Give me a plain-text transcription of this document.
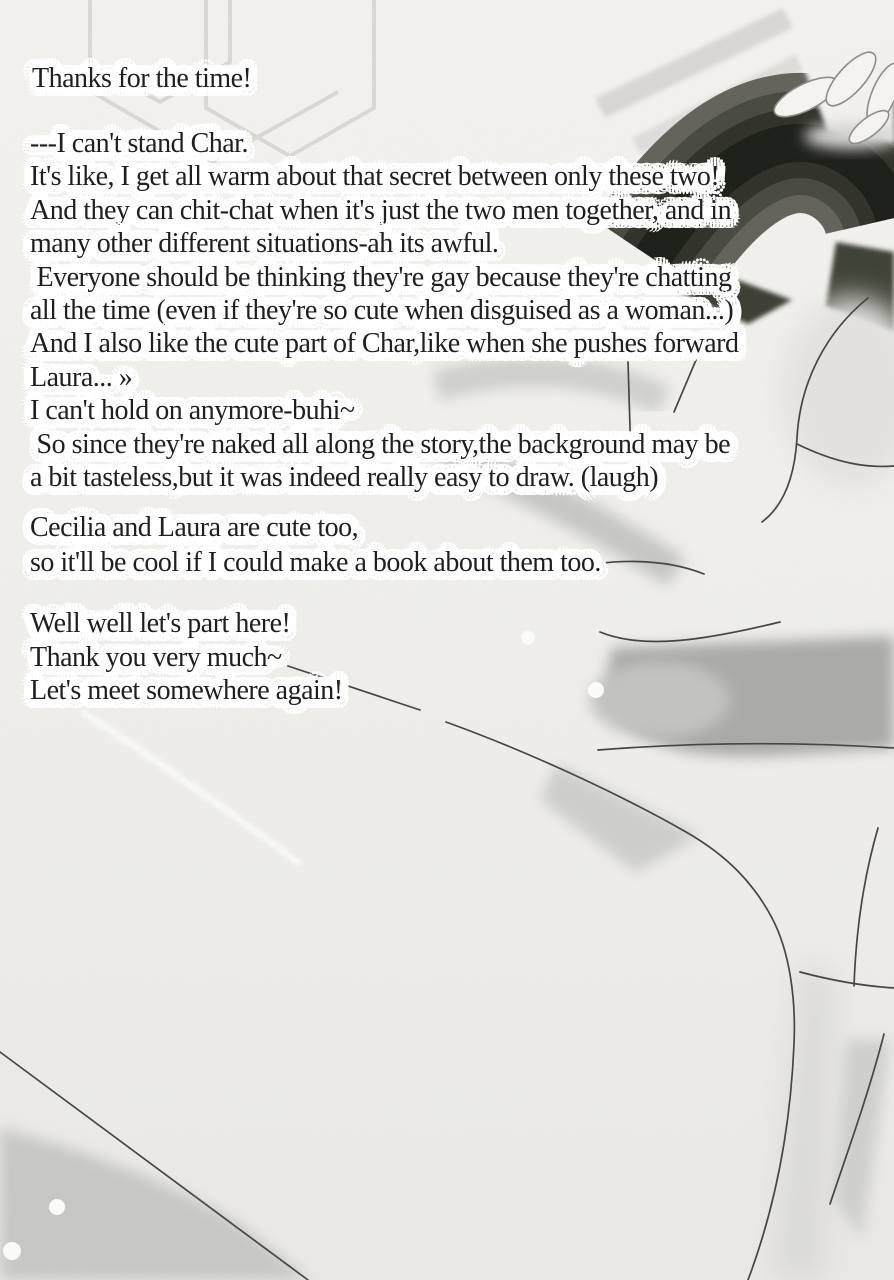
Thanks for the time!
---I can't stand Char.
It's like, I get all warm about that secret between only these two!
And they can chit-chat when it's just the two men together, and in
many other different situations-ah its awful.
Everyone should be thinking they're gay because they're chatting
all the time (even if they're so cute when disguised as a woman...)
And I also like the cute part of Char,like when she pushes forward
Laura... »
I can't hold on anymore-buhi~
So since they're naked all along the story,the background may be
a bit tasteless,but it was indeed really easy to draw. (laugh)
Cecilia and Laura are cute too,
so it'll be cool if I could make a book about them too.
Well well let's part here!
Thank you very much~
Let's meet somewhere again!
